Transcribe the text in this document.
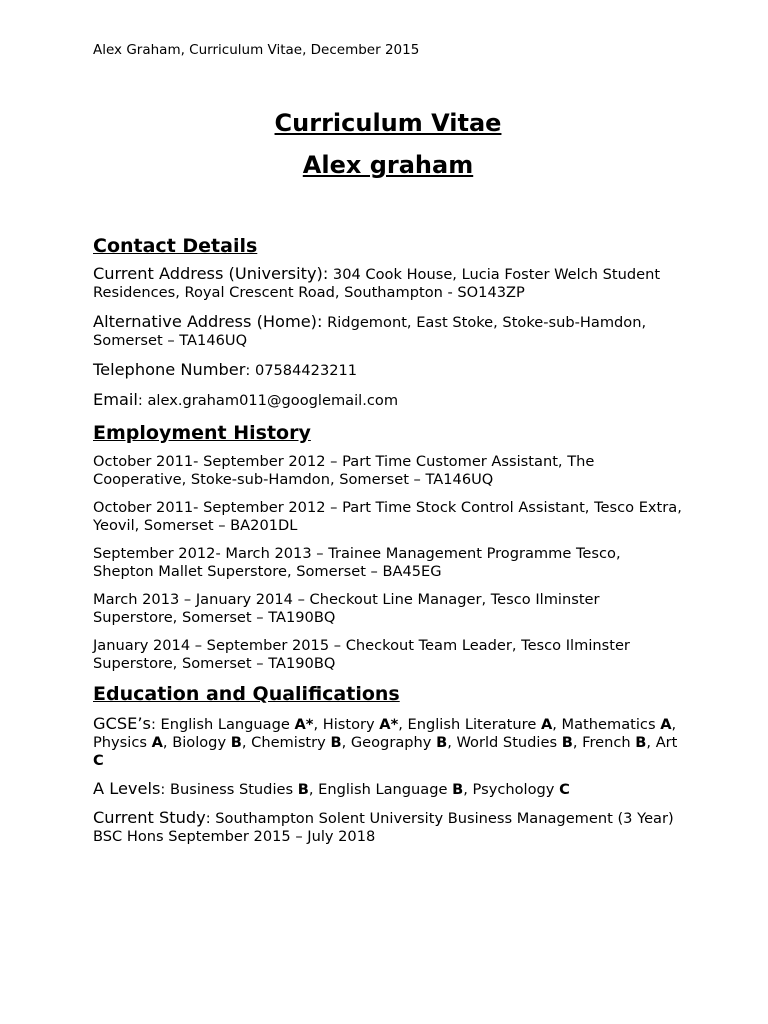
Alex Graham, Curriculum Vitae, December 2015

Curriculum Vitae
Alex graham
Contact Details

Current Address (University): 304 Cook House, Lucia Foster Welch Student Residences, Royal Crescent Road, Southampton - SO143ZP

Alternative Address (Home): Ridgemont, East Stoke, Stoke-sub-Hamdon, Somerset – TA146UQ

Telephone Number: 07584423211

Email: alex.graham011@googlemail.com

Employment History

October 2011- September 2012 – Part Time Customer Assistant, The Cooperative, Stoke-sub-Hamdon, Somerset – TA146UQ

October 2011- September 2012 – Part Time Stock Control Assistant, Tesco Extra, Yeovil, Somerset – BA201DL

September 2012- March 2013 – Trainee Management Programme Tesco, Shepton Mallet Superstore, Somerset – BA45EG

March 2013 – January 2014 – Checkout Line Manager, Tesco Ilminster Superstore, Somerset – TA190BQ

January 2014 – September 2015 – Checkout Team Leader, Tesco Ilminster Superstore, Somerset – TA190BQ

Education and Qualifications

GCSE’s: English Language A*, History A*, English Literature A, Mathematics A, Physics A, Biology B, Chemistry B, Geography B, World Studies B, French B, Art C

A Levels: Business Studies B, English Language B, Psychology C

Current Study: Southampton Solent University Business Management (3 Year) BSC Hons September 2015 – July 2018
